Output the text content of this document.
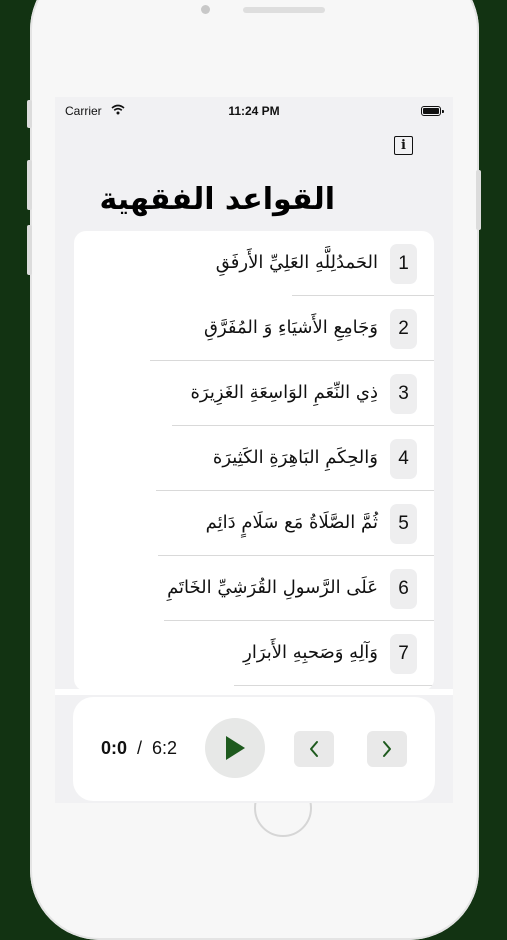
Carrier	11:24 PM
i
القواعد الفقهية
1
الحَمدُلِلَّهِ العَلِيِّ الأَرفَقِ
2
وَجَامِعِ الأَشيَاءِ وَ المُفَرَّقِ
3
ذِي النِّعَمِ الوَاسِعَةِ الغَزِيرَة
4
وَالحِكَمِ البَاهِرَةِ الكَثِيرَة
5
ثُمَّ الصَّلَاةُ مَع سَلَامٍ دَائِم
6
عَلَى الرَّسولِ القُرَشِيِّ الخَاتَمِ
7
وَآلِهِ وَصَحبِهِ الأَبرَارِ
0:0 / 6:2
